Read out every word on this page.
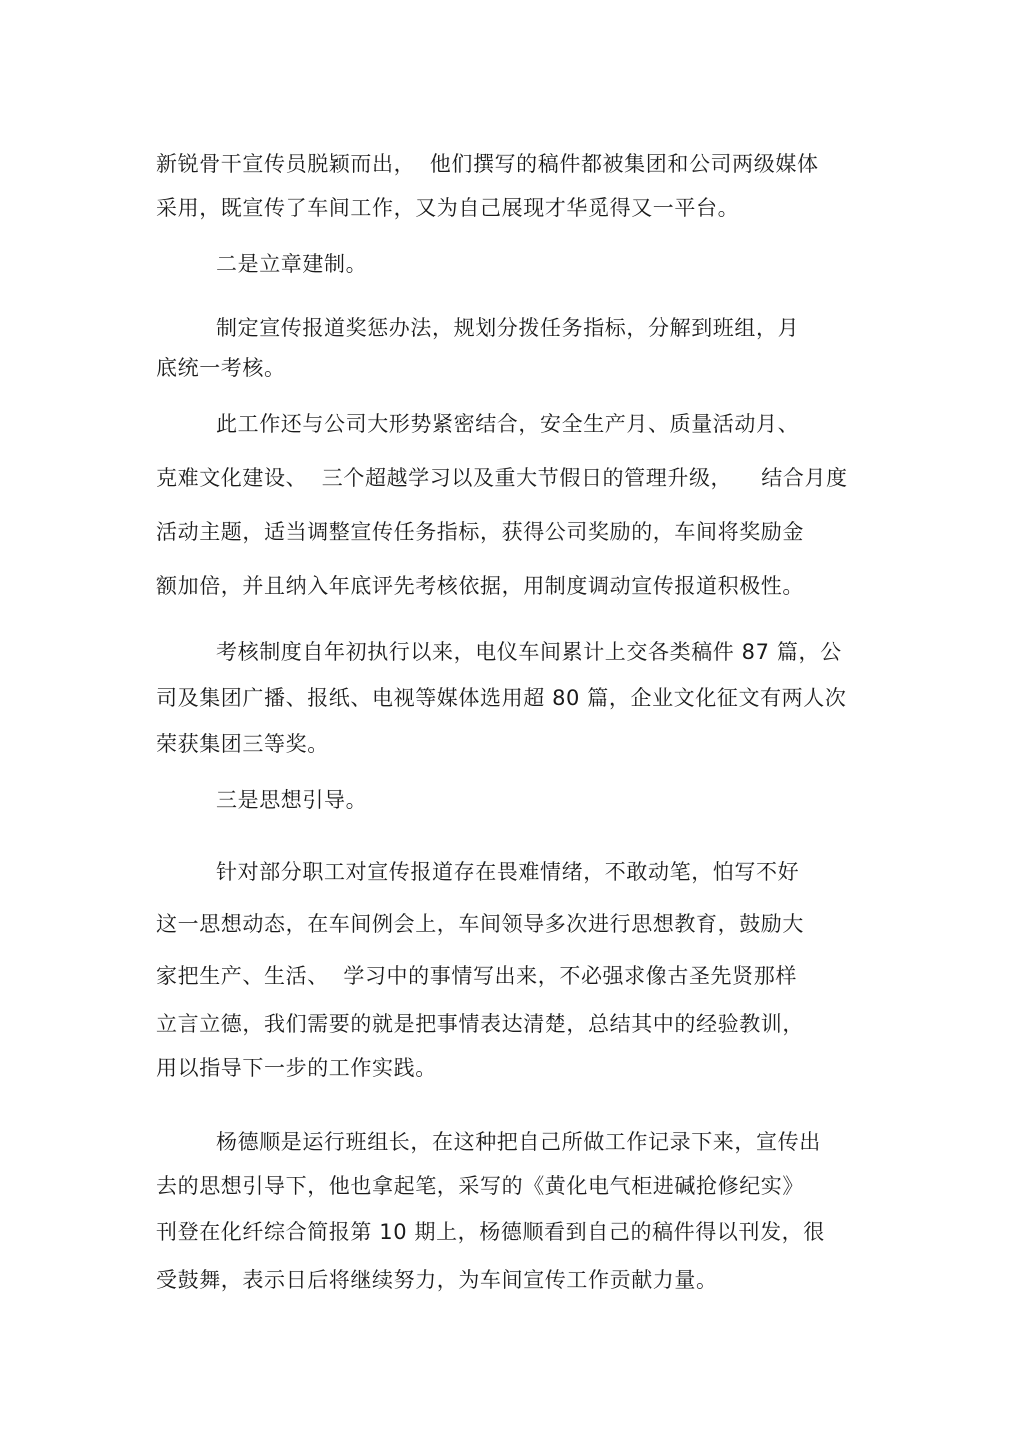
新锐骨干宣传员脱颖而出，  他们撰写的稿件都被集团和公司两级媒体
采用，既宣传了车间工作，又为自己展现才华觅得又一平台。
二是立章建制。
制定宣传报道奖惩办法，规划分拨任务指标，分解到班组，月
底统一考核。
此工作还与公司大形势紧密结合，安全生产月、质量活动月、
克难文化建设、  三个超越学习以及重大节假日的管理升级，    结合月度
活动主题，适当调整宣传任务指标，获得公司奖励的，车间将奖励金
额加倍，并且纳入年底评先考核依据，用制度调动宣传报道积极性。
考核制度自年初执行以来，电仪车间累计上交各类稿件 87 篇，公
司及集团广播、报纸、电视等媒体选用超 80 篇，企业文化征文有两人次
荣获集团三等奖。
三是思想引导。
针对部分职工对宣传报道存在畏难情绪，不敢动笔，怕写不好
这一思想动态，在车间例会上，车间领导多次进行思想教育，鼓励大
家把生产、生活、  学习中的事情写出来，不必强求像古圣先贤那样
立言立德，我们需要的就是把事情表达清楚，总结其中的经验教训，
用以指导下一步的工作实践。
杨德顺是运行班组长，在这种把自己所做工作记录下来，宣传出
去的思想引导下，他也拿起笔，采写的《黄化电气柜进碱抢修纪实》
刊登在化纤综合简报第 10 期上，杨德顺看到自己的稿件得以刊发，很
受鼓舞，表示日后将继续努力，为车间宣传工作贡献力量。
